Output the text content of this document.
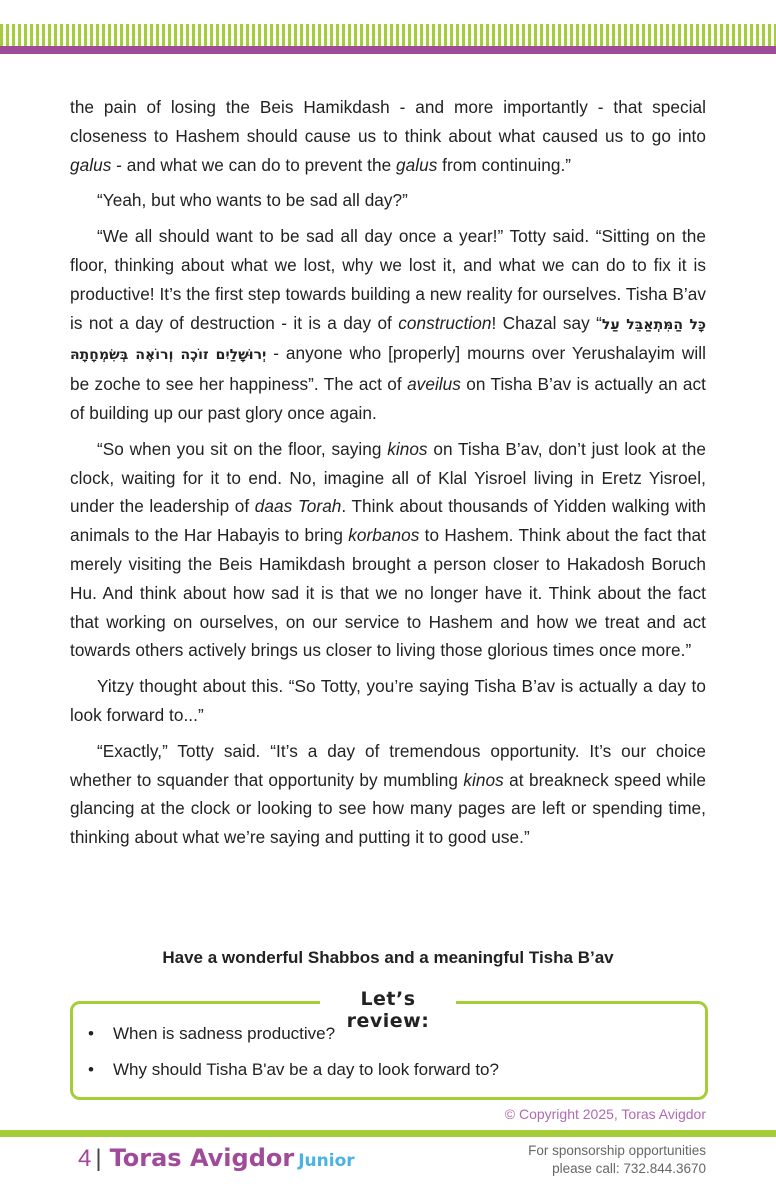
the pain of losing the Beis Hamikdash - and more importantly - that special closeness to Hashem should cause us to think about what caused us to go into galus - and what we can do to prevent the galus from continuing.”

“Yeah, but who wants to be sad all day?”

“We all should want to be sad all day once a year!” Totty said. “Sitting on the floor, thinking about what we lost, why we lost it, and what we can do to fix it is productive! It’s the first step towards building a new reality for ourselves. Tisha B’av is not a day of destruction - it is a day of construction! Chazal say “כָּל הַמִּתְאַבֵּל עַל יְרוּשָׁלַיִם זוֹכֶה וְרוֹאֶה בְּשִׂמְחָתָהּ - anyone who [properly] mourns over Yerushalayim will be zoche to see her happiness”. The act of aveilus on Tisha B’av is actually an act of building up our past glory once again.

“So when you sit on the floor, saying kinos on Tisha B’av, don’t just look at the clock, waiting for it to end. No, imagine all of Klal Yisroel living in Eretz Yisroel, under the leadership of daas Torah. Think about thousands of Yidden walking with animals to the Har Habayis to bring korbanos to Hashem. Think about the fact that merely visiting the Beis Hamikdash brought a person closer to Hakadosh Boruch Hu. And think about how sad it is that we no longer have it. Think about the fact that working on ourselves, on our service to Hashem and how we treat and act towards others actively brings us closer to living those glorious times once more.”

Yitzy thought about this. “So Totty, you’re saying Tisha B’av is actually a day to look forward to...”

“Exactly,” Totty said. “It’s a day of tremendous opportunity. It’s our choice whether to squander that opportunity by mumbling kinos at breakneck speed while glancing at the clock or looking to see how many pages are left or spending time, thinking about what we’re saying and putting it to good use.”

Have a wonderful Shabbos and a meaningful Tisha B’av
Let’s review:
• When is sadness productive?
• Why should Tisha B'av be a day to look forward to?
© Copyright 2025, Toras Avigdor
4 | Toras Avigdor Junior
For sponsorship opportunities
please call: 732.844.3670
